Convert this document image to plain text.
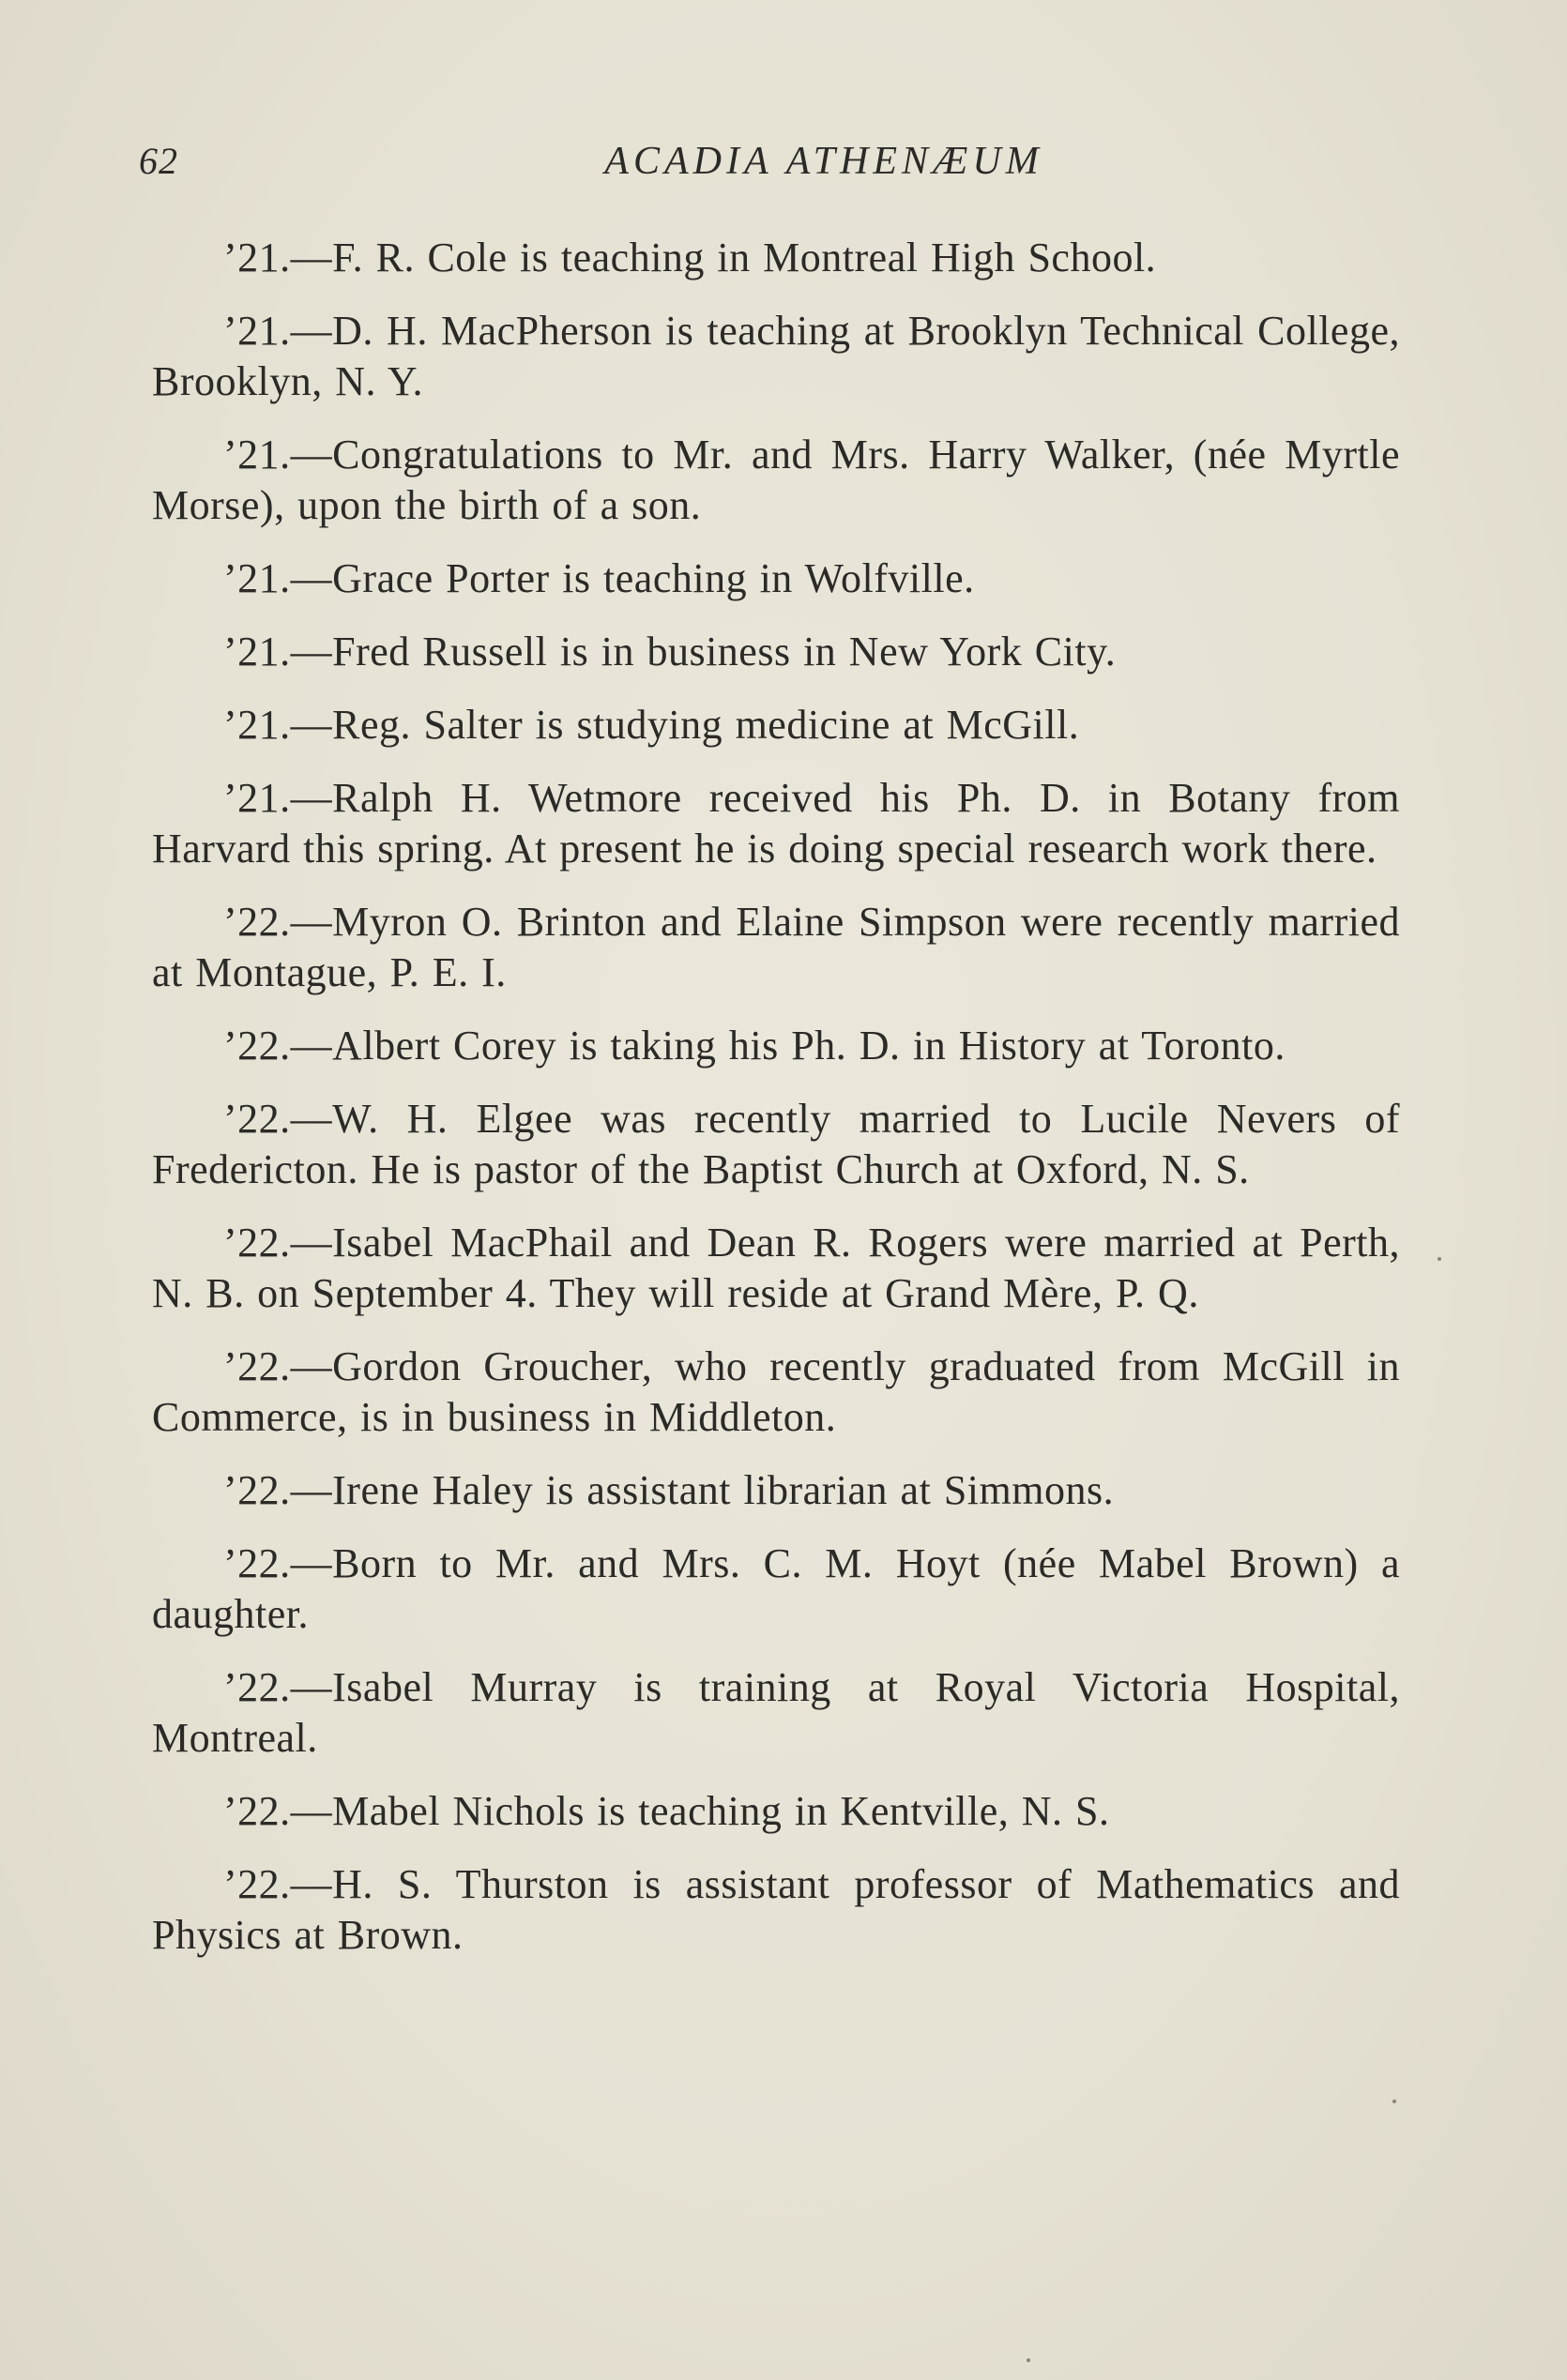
62	ACADIA ATHENÆUM

’21.—F. R. Cole is teaching in Montreal High School.

’21.—D. H. MacPherson is teaching at Brooklyn Technical College, Brooklyn, N. Y.

’21.—Congratulations to Mr. and Mrs. Harry Walker, (née Myrtle Morse), upon the birth of a son.

’21.—Grace Porter is teaching in Wolfville.

’21.—Fred Russell is in business in New York City.

’21.—Reg. Salter is studying medicine at McGill.

’21.—Ralph H. Wetmore received his Ph. D. in Botany from Harvard this spring. At present he is doing special research work there.

’22.—Myron O. Brinton and Elaine Simpson were recently married at Montague, P. E. I.

’22.—Albert Corey is taking his Ph. D. in History at Toronto.

’22.—W. H. Elgee was recently married to Lucile Nevers of Fredericton. He is pastor of the Baptist Church at Oxford, N. S.

’22.—Isabel MacPhail and Dean R. Rogers were married at Perth, N. B. on September 4. They will reside at Grand Mère, P. Q.

’22.—Gordon Groucher, who recently graduated from McGill in Commerce, is in business in Middleton.

’22.—Irene Haley is assistant librarian at Simmons.

’22.—Born to Mr. and Mrs. C. M. Hoyt (née Mabel Brown) a daughter.

’22.—Isabel Murray is training at Royal Victoria Hospital, Montreal.

’22.—Mabel Nichols is teaching in Kentville, N. S.

’22.—H. S. Thurston is assistant professor of Mathematics and Physics at Brown.
